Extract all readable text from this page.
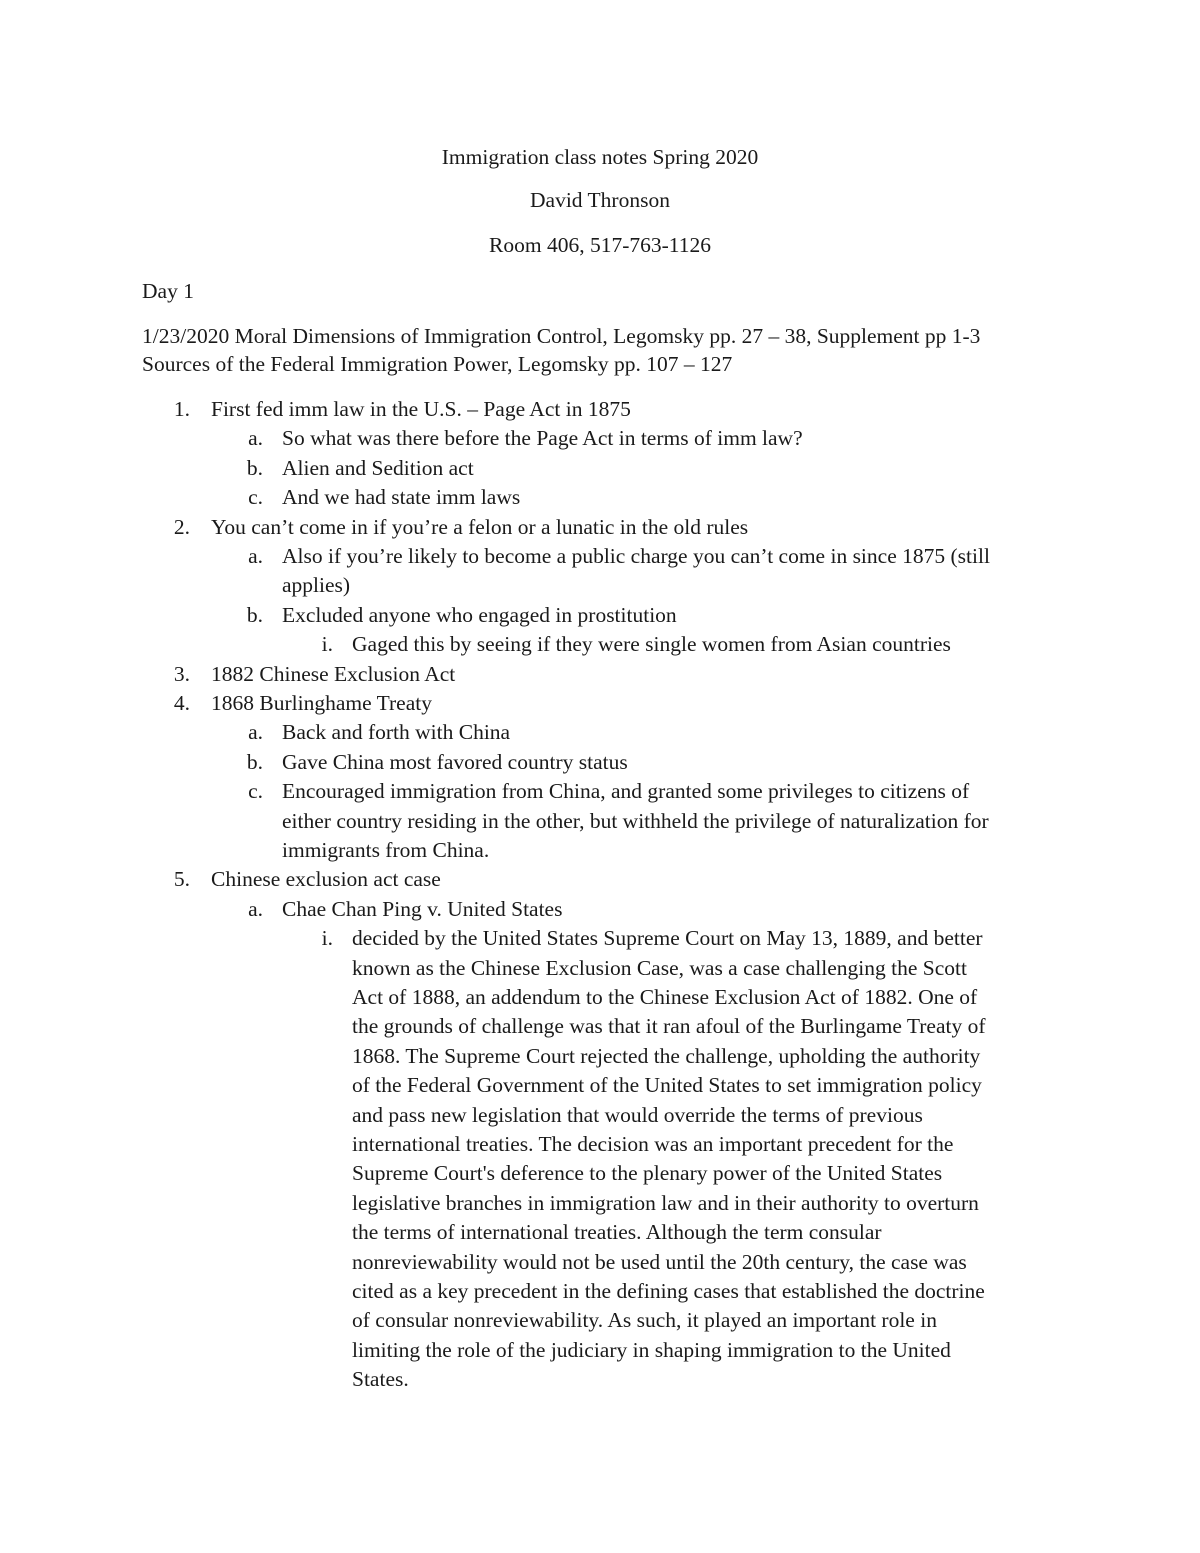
Immigration class notes Spring 2020
David Thronson
Room 406, 517-763-1126
Day 1
1/23/2020 Moral Dimensions of Immigration Control, Legomsky pp. 27 – 38, Supplement pp 1-3
Sources of the Federal Immigration Power, Legomsky pp. 107 – 127
1. First fed imm law in the U.S. – Page Act in 1875
a. So what was there before the Page Act in terms of imm law?
b. Alien and Sedition act
c. And we had state imm laws
2. You can’t come in if you’re a felon or a lunatic in the old rules
a. Also if you’re likely to become a public charge you can’t come in since 1875 (still
applies)
b. Excluded anyone who engaged in prostitution
i. Gaged this by seeing if they were single women from Asian countries
3. 1882 Chinese Exclusion Act
4. 1868 Burlinghame Treaty
a. Back and forth with China
b. Gave China most favored country status
c. Encouraged immigration from China, and granted some privileges to citizens of
either country residing in the other, but withheld the privilege of naturalization for
immigrants from China.
5. Chinese exclusion act case
a. Chae Chan Ping v. United States
i. decided by the United States Supreme Court on May 13, 1889, and better
known as the Chinese Exclusion Case, was a case challenging the Scott
Act of 1888, an addendum to the Chinese Exclusion Act of 1882. One of
the grounds of challenge was that it ran afoul of the Burlingame Treaty of
1868. The Supreme Court rejected the challenge, upholding the authority
of the Federal Government of the United States to set immigration policy
and pass new legislation that would override the terms of previous
international treaties. The decision was an important precedent for the
Supreme Court's deference to the plenary power of the United States
legislative branches in immigration law and in their authority to overturn
the terms of international treaties. Although the term consular
nonreviewability would not be used until the 20th century, the case was
cited as a key precedent in the defining cases that established the doctrine
of consular nonreviewability. As such, it played an important role in
limiting the role of the judiciary in shaping immigration to the United
States.
